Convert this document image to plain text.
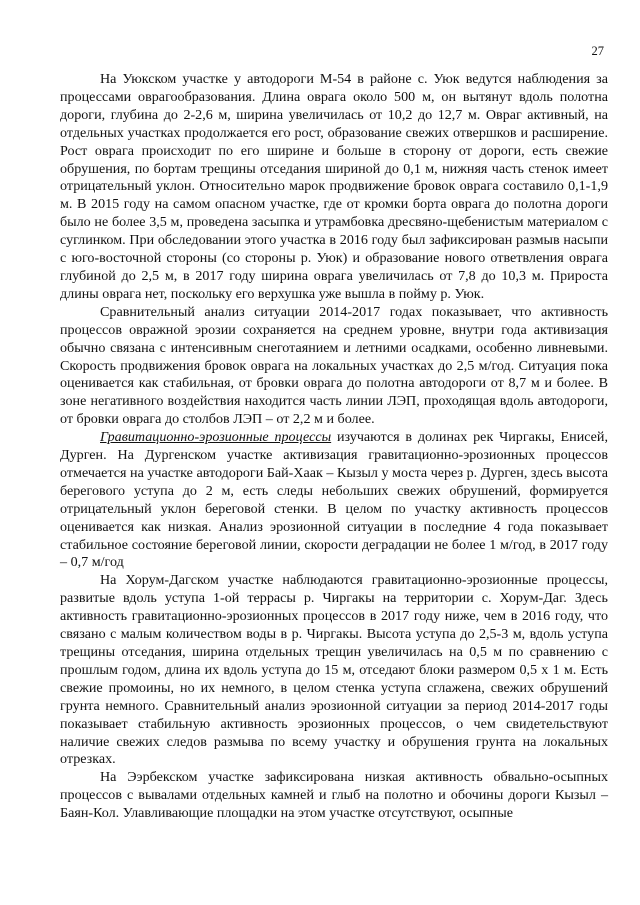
27

На Уюкском участке у автодороги М-54 в районе с. Уюк ведутся наблюдения за процессами оврагообразования. Длина оврага около 500 м, он вытянут вдоль полотна дороги, глубина до 2-2,6 м, ширина увеличилась от 10,2 до 12,7 м. Овраг активный, на отдельных участках продолжается его рост, образование свежих отвершков и расширение. Рост оврага происходит по его ширине и больше в сторону от дороги, есть свежие обрушения, по бортам трещины отседания шириной до 0,1 м, нижняя часть стенок имеет отрицательный уклон. Относительно марок продвижение бровок оврага составило 0,1-1,9 м. В 2015 году на самом опасном участке, где от кромки борта оврага до полотна дороги было не более 3,5 м, проведена засыпка и утрамбовка дресвяно-щебенистым материалом с суглинком. При обследовании этого участка в 2016 году был зафиксирован размыв насыпи с юго-восточной стороны (со стороны р. Уюк) и образование нового ответвления оврага глубиной до 2,5 м, в 2017 году ширина оврага увеличилась от 7,8 до 10,3 м. Прироста длины оврага нет, поскольку его верхушка уже вышла в пойму р. Уюк.

Сравнительный анализ ситуации 2014-2017 годах показывает, что активность процессов овражной эрозии сохраняется на среднем уровне, внутри года активизация обычно связана с интенсивным снеготаянием и летними осадками, особенно ливневыми. Скорость продвижения бровок оврага на локальных участках до 2,5 м/год. Ситуация пока оценивается как стабильная, от бровки оврага до полотна автодороги от 8,7 м и более. В зоне негативного воздействия находится часть линии ЛЭП, проходящая вдоль автодороги, от бровки оврага до столбов ЛЭП – от 2,2 м и более.

Гравитационно-эрозионные процессы изучаются в долинах рек Чиргакы, Енисей, Дурген. На Дургенском участке активизация гравитационно-эрозионных процессов отмечается на участке автодороги Бай-Хаак – Кызыл у моста через р. Дурген, здесь высота берегового уступа до 2 м, есть следы небольших свежих обрушений, формируется отрицательный уклон береговой стенки. В целом по участку активность процессов оценивается как низкая. Анализ эрозионной ситуации в последние 4 года показывает стабильное состояние береговой линии, скорости деградации не более 1 м/год, в 2017 году – 0,7 м/год

На Хорум-Дагском участке наблюдаются гравитационно-эрозионные процессы, развитые вдоль уступа 1-ой террасы р. Чиргакы на территории с. Хорум-Даг. Здесь активность гравитационно-эрозионных процессов в 2017 году ниже, чем в 2016 году, что связано с малым количеством воды в р. Чиргакы. Высота уступа до 2,5-3 м, вдоль уступа трещины отседания, ширина отдельных трещин увеличилась на 0,5 м по сравнению с прошлым годом, длина их вдоль уступа до 15 м, отседают блоки размером 0,5 х 1 м. Есть свежие промоины, но их немного, в целом стенка уступа сглажена, свежих обрушений грунта немного. Сравнительный анализ эрозионной ситуации за период 2014-2017 годы показывает стабильную активность эрозионных процессов, о чем свидетельствуют наличие свежих следов размыва по всему участку и обрушения грунта на локальных отрезках.

На Ээрбекском участке зафиксирована низкая активность обвально-осыпных процессов с вывалами отдельных камней и глыб на полотно и обочины дороги Кызыл – Баян-Кол. Улавливающие площадки на этом участке отсутствуют, осыпные
